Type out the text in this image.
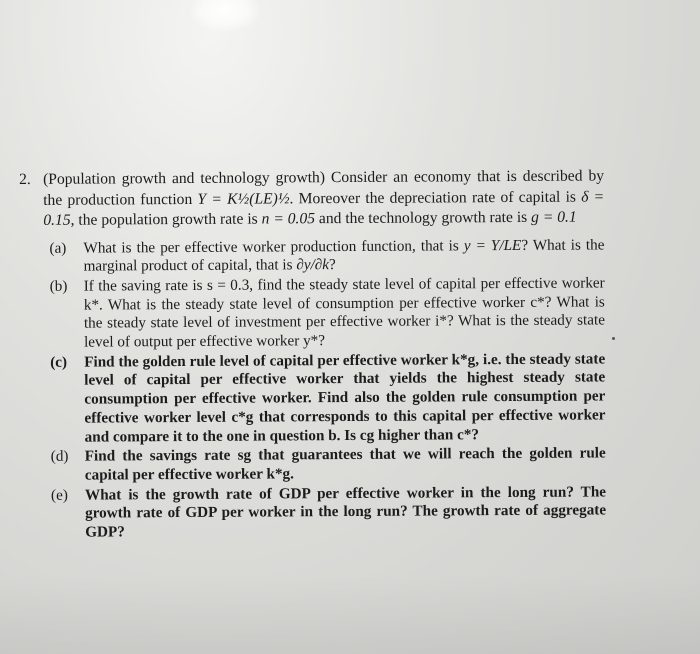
2. (Population growth and technology growth) Consider an economy that is described by the production function Y = K½(LE)½. Moreover the depreciation rate of capital is δ = 0.15, the population growth rate is n = 0.05 and the technology growth rate is g = 0.1
(a)	What is the per effective worker production function, that is y = Y/LE? What is the marginal product of capital, that is ∂y/∂k?
(b)	If the saving rate is s = 0.3, find the steady state level of capital per effective worker k*. What is the steady state level of consumption per effective worker c*? What is the steady state level of investment per effective worker i*? What is the steady state level of output per effective worker y*?
(c)	Find the golden rule level of capital per effective worker k*g, i.e. the steady state level of capital per effective worker that yields the highest steady state consumption per effective worker. Find also the golden rule consumption per effective worker level c*g that corresponds to this capital per effective worker and compare it to the one in question b. Is cg higher than c*?
(d)	Find the savings rate sg that guarantees that we will reach the golden rule capital per effective worker k*g.
(e)	What is the growth rate of GDP per effective worker in the long run? The growth rate of GDP per worker in the long run? The growth rate of aggregate GDP?
